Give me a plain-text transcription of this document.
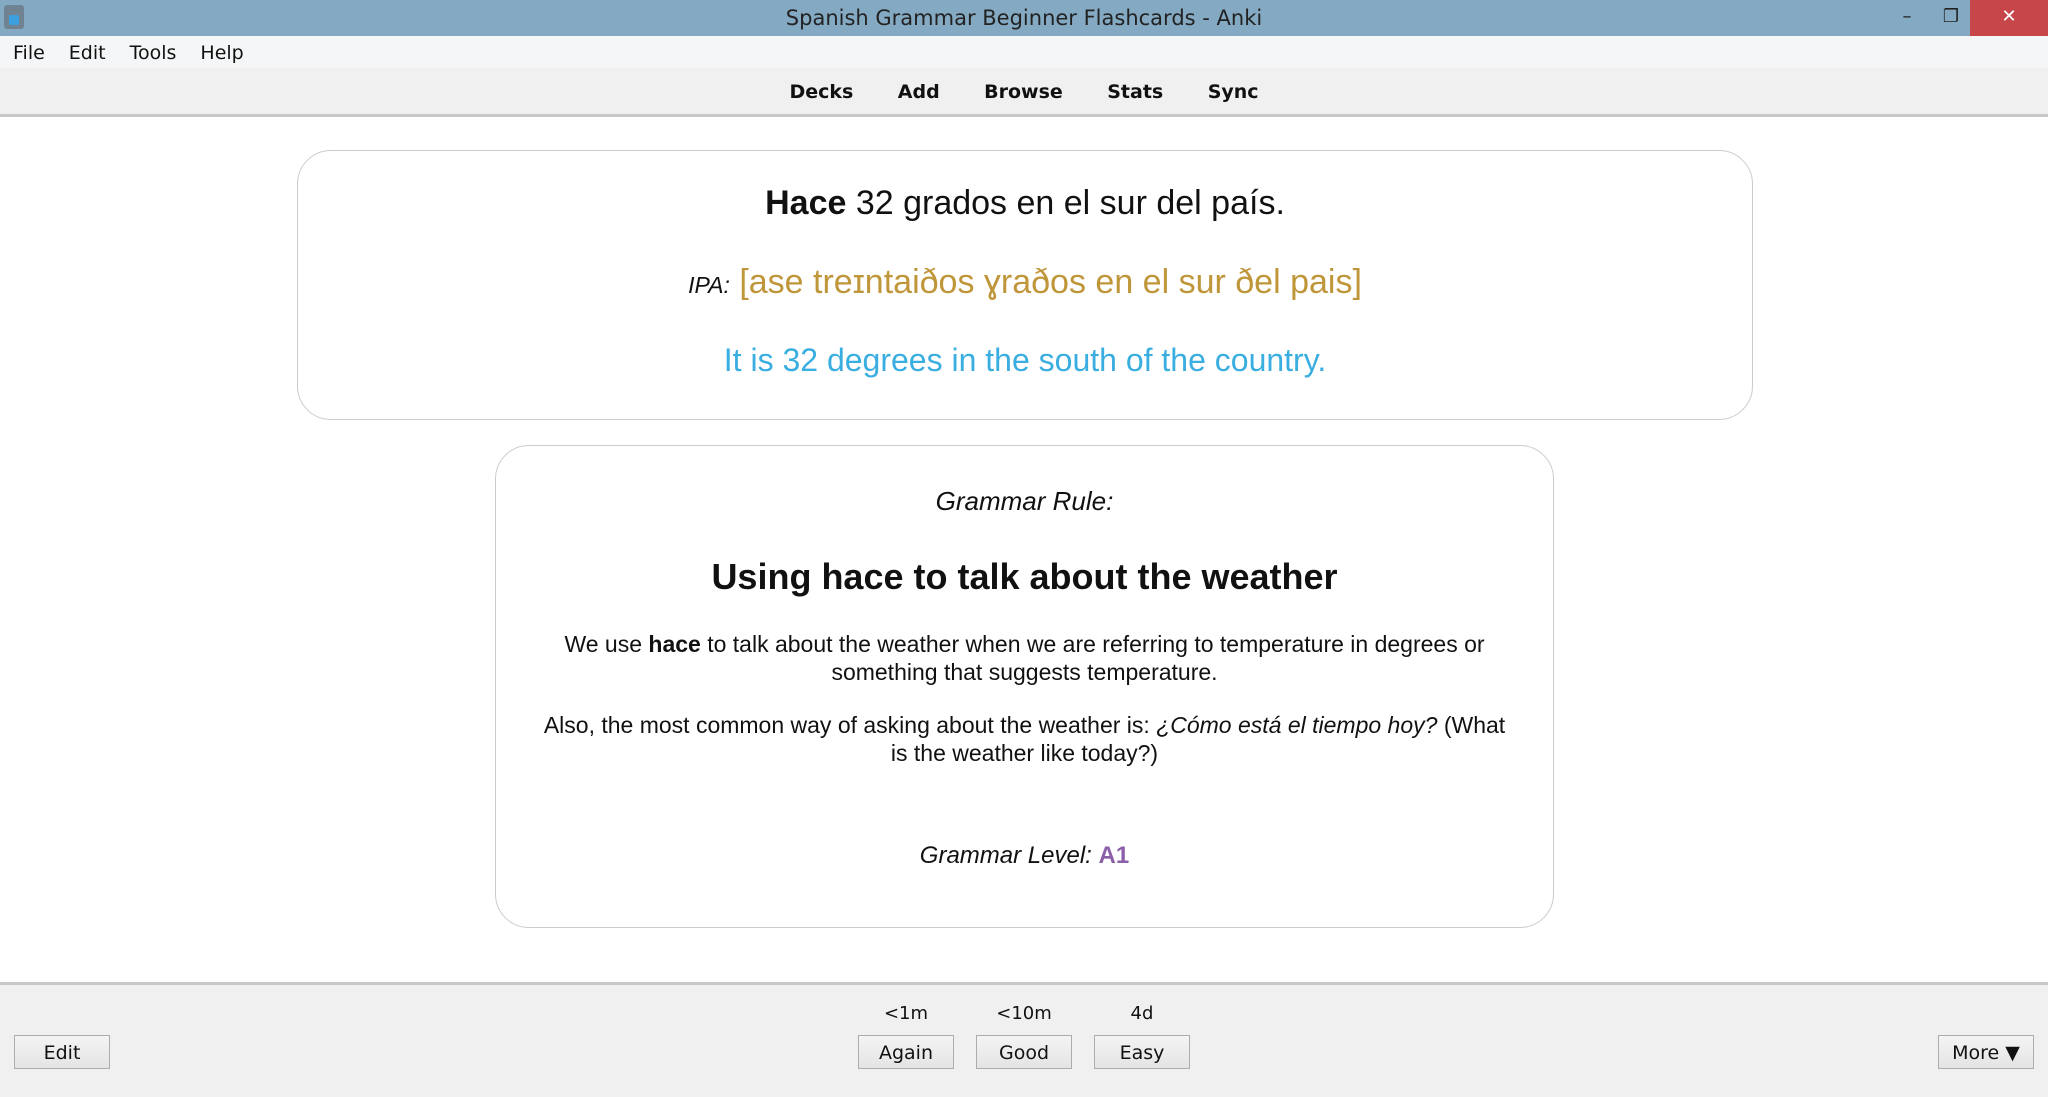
Spanish Grammar Beginner Flashcards - Anki	–	❐	✕
File Edit Tools Help
Decks Add Browse Stats Sync
Hace 32 grados en el sur del país.
IPA: [ase treɪntaiðos ɣraðos en el sur ðel pais]
It is 32 degrees in the south of the country.
Grammar Rule:
Using hace to talk about the weather
We use hace to talk about the weather when we are referring to temperature in degrees or something that suggests temperature.
Also, the most common way of asking about the weather is: ¿Cómo está el tiempo hoy? (What is the weather like today?)
Grammar Level: A1
Edit
<1m	<10m	4d
Again	Good	Easy	More ▼
